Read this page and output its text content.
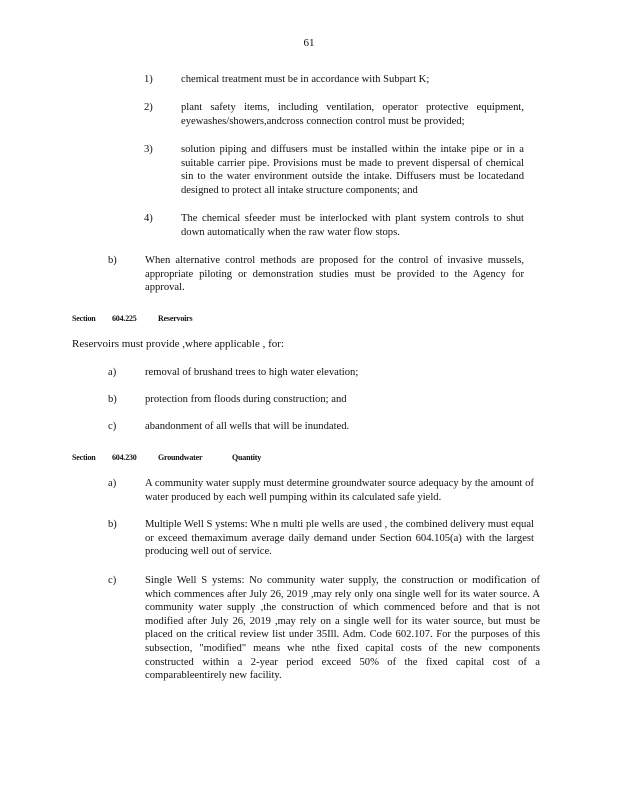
61
1)	chemical treatment must be in accordance with Subpart K;
2)	plant safety items, including ventilation, operator protective equipment, eyewashes/showers,andcross connection control must be provided;
3)	solution piping and diffusers must be installed within the intake pipe or in a suitable carrier pipe. Provisions must be made to prevent dispersal of chemical sin to the water environment outside the intake. Diffusers must be locatedand designed to protect all intake structure components; and
4)	The chemical sfeeder must be interlocked with plant system controls to shut down automatically when the raw water flow stops.
b)	When alternative control methods are proposed for the control of invasive mussels, appropriate piloting or demonstration studies must be provided to the Agency for approval.
Section 604.225	Reservoirs
Reservoirs must provide ,where applicable , for:
a)	removal of brushand trees to high water elevation;
b)	protection from floods during construction; and
c)	abandonment of all wells that will be inundated.
Section 604.230	Groundwater	Quantity
a)	A community water supply must determine groundwater source adequacy by the amount of water produced by each well pumping within its calculated safe yield.
b)	Multiple Well S ystems: Whe n multi ple wells are used , the combined delivery must equal or exceed themaximum average daily demand under Section 604.105(a) with the largest producing well out of service.
c)	Single Well S ystems: No community water supply, the construction or modification of which commences after July 26, 2019 ,may rely only ona single well for its water source. A community water supply ,the construction of which commenced before and that is not modified after July 26, 2019 ,may rely on a single well for its water source, but must be placed on the critical review list under 35Ill. Adm. Code 602.107. For the purposes of this subsection, "modified" means whe nthe fixed capital costs of the new components constructed within a 2-year period exceed 50% of the fixed capital cost of a comparableentirely new facility.
